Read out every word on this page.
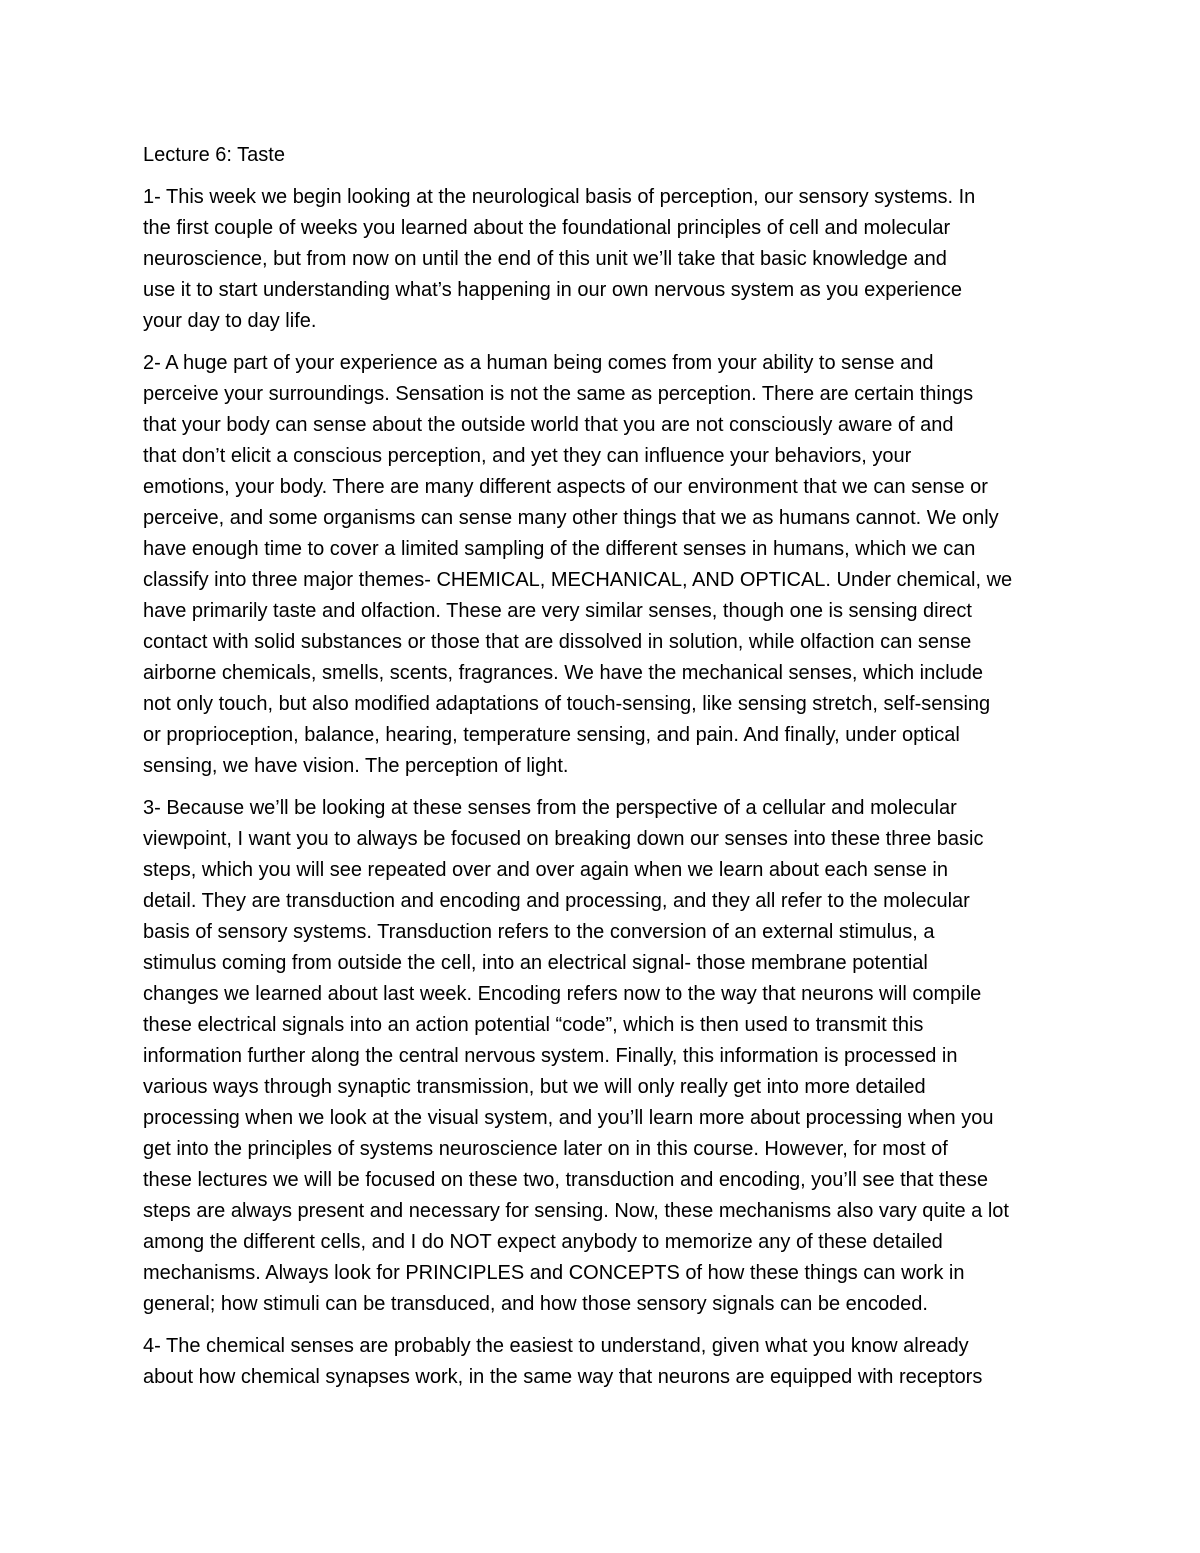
Lecture 6: Taste
1- This week we begin looking at the neurological basis of perception, our sensory systems. In
the first couple of weeks you learned about the foundational principles of cell and molecular
neuroscience, but from now on until the end of this unit we’ll take that basic knowledge and
use it to start understanding what’s happening in our own nervous system as you experience
your day to day life.
2- A huge part of your experience as a human being comes from your ability to sense and
perceive your surroundings. Sensation is not the same as perception. There are certain things
that your body can sense about the outside world that you are not consciously aware of and
that don’t elicit a conscious perception, and yet they can influence your behaviors, your
emotions, your body. There are many different aspects of our environment that we can sense or
perceive, and some organisms can sense many other things that we as humans cannot. We only
have enough time to cover a limited sampling of the different senses in humans, which we can
classify into three major themes- CHEMICAL, MECHANICAL, AND OPTICAL. Under chemical, we
have primarily taste and olfaction. These are very similar senses, though one is sensing direct
contact with solid substances or those that are dissolved in solution, while olfaction can sense
airborne chemicals, smells, scents, fragrances. We have the mechanical senses, which include
not only touch, but also modified adaptations of touch-sensing, like sensing stretch, self-sensing
or proprioception, balance, hearing, temperature sensing, and pain. And finally, under optical
sensing, we have vision. The perception of light.
3- Because we’ll be looking at these senses from the perspective of a cellular and molecular
viewpoint, I want you to always be focused on breaking down our senses into these three basic
steps, which you will see repeated over and over again when we learn about each sense in
detail. They are transduction and encoding and processing, and they all refer to the molecular
basis of sensory systems. Transduction refers to the conversion of an external stimulus, a
stimulus coming from outside the cell, into an electrical signal- those membrane potential
changes we learned about last week. Encoding refers now to the way that neurons will compile
these electrical signals into an action potential “code”, which is then used to transmit this
information further along the central nervous system. Finally, this information is processed in
various ways through synaptic transmission, but we will only really get into more detailed
processing when we look at the visual system, and you’ll learn more about processing when you
get into the principles of systems neuroscience later on in this course. However, for most of
these lectures we will be focused on these two, transduction and encoding, you’ll see that these
steps are always present and necessary for sensing. Now, these mechanisms also vary quite a lot
among the different cells, and I do NOT expect anybody to memorize any of these detailed
mechanisms. Always look for PRINCIPLES and CONCEPTS of how these things can work in
general; how stimuli can be transduced, and how those sensory signals can be encoded.
4- The chemical senses are probably the easiest to understand, given what you know already
about how chemical synapses work, in the same way that neurons are equipped with receptors
